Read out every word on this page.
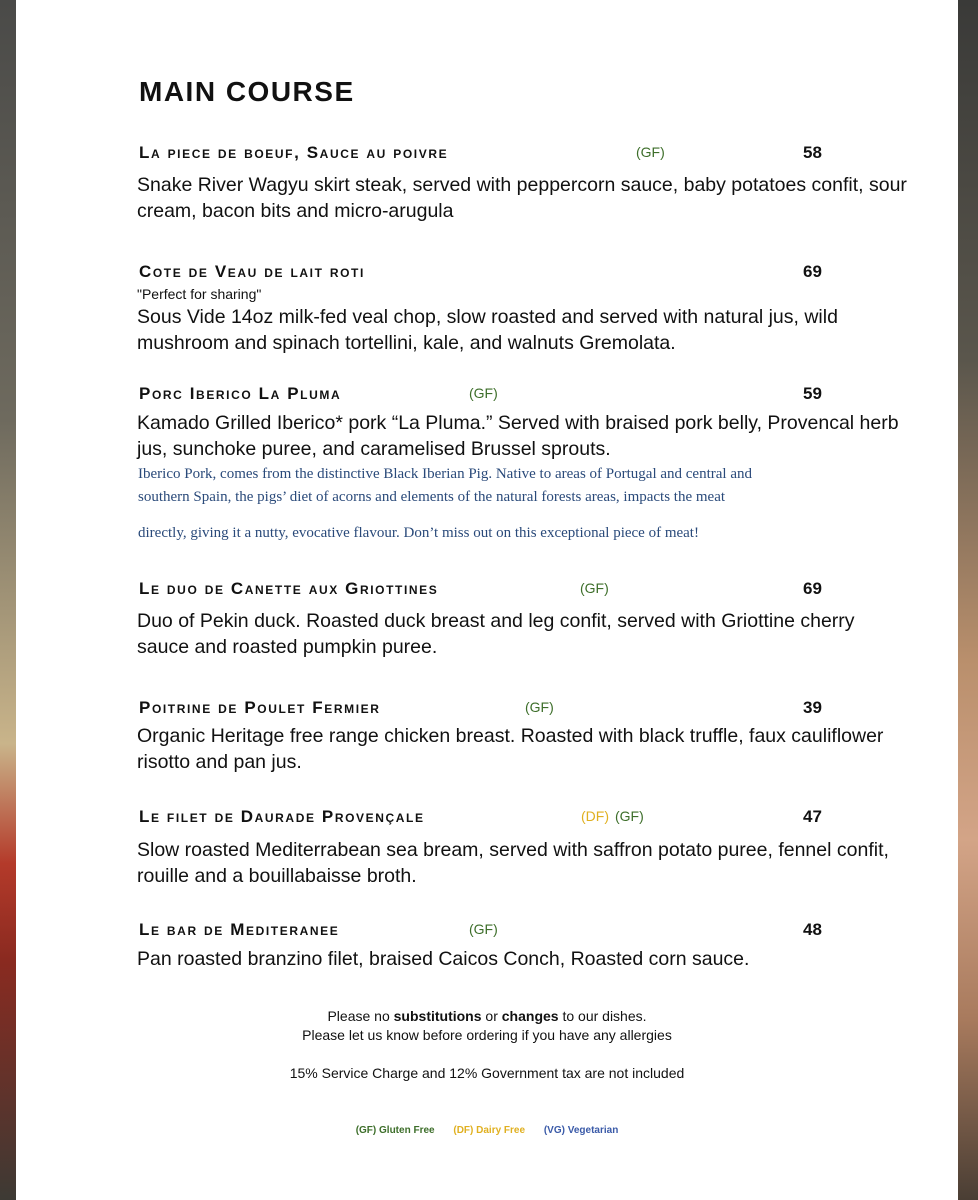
MAIN COURSE
La piece de boeuf, Sauce au poivre	(GF)	58
Snake River Wagyu skirt steak, served with peppercorn sauce, baby potatoes confit, sour cream, bacon bits and micro-arugula
Cote de Veau de lait roti	69
"Perfect for sharing"
Sous Vide 14oz milk-fed veal chop, slow roasted and served with natural jus, wild mushroom and spinach tortellini, kale, and walnuts Gremolata.
Porc Iberico La Pluma	(GF)	59
Kamado Grilled Iberico* pork “La Pluma.” Served with braised pork belly, Provencal herb jus, sunchoke puree, and caramelised Brussel sprouts.
Iberico Pork, comes from the distinctive Black Iberian Pig. Native to areas of Portugal and central and
southern Spain, the pigs’ diet of acorns and elements of the natural forests areas, impacts the meat
directly, giving it a nutty, evocative flavour. Don’t miss out on this exceptional piece of meat!
Le duo de Canette aux Griottines	(GF)	69
Duo of Pekin duck. Roasted duck breast and leg confit, served with Griottine cherry sauce and roasted pumpkin puree.
Poitrine de Poulet Fermier	(GF)	39
Organic Heritage free range chicken breast. Roasted with black truffle, faux cauliflower risotto and pan jus.
Le filet de Daurade Provençale	(DF) (GF)	47
Slow roasted Mediterrabean sea bream, served with saffron potato puree, fennel confit, rouille and a bouillabaisse broth.
Le bar de Mediteranee	(GF)	48
Pan roasted branzino filet, braised Caicos Conch, Roasted corn sauce.
Please no substitutions or changes to our dishes.
Please let us know before ordering if you have any allergies
15% Service Charge and 12% Government tax are not included
(GF) Gluten Free (DF) Dairy Free (VG) Vegetarian
